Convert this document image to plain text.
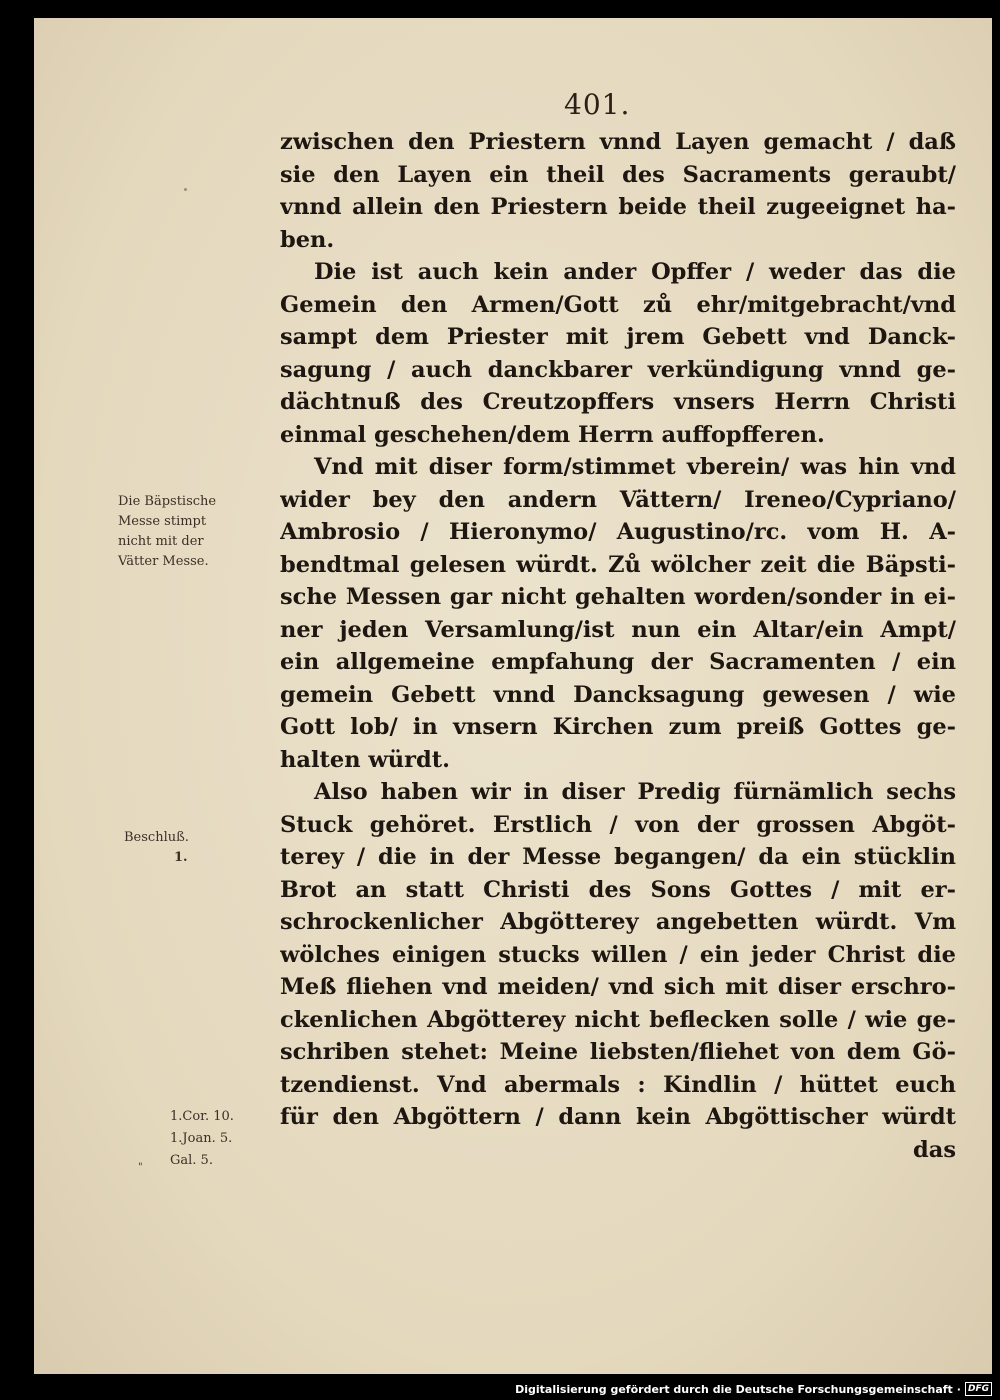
401.
Die Bäpstische
Messe stimpt
nicht mit der
Vätter Messe.
Beschluß.
1.
1.Cor. 10.
1.Joan. 5.
Gal. 5.
"
zwischen den Priestern vnnd Layen gemacht / daß
sie den Layen ein theil des Sacraments geraubt/
vnnd allein den Priestern beide theil zugeeignet ha-
ben.
Die ist auch kein ander Opffer / weder das die
Gemein den Armen/Gott zů ehr/mitgebracht/vnd
sampt dem Priester mit jrem Gebett vnd Danck-
sagung / auch danckbarer verkündigung vnnd ge-
dächtnuß des Creutzopffers vnsers Herrn Christi
einmal geschehen/dem Herrn auffopfferen.
Vnd mit diser form/stimmet vberein/ was hin vnd
wider bey den andern Vättern/ Ireneo/Cypriano/
Ambrosio / Hieronymo/ Augustino/rc. vom H. A-
bendtmal gelesen würdt. Zů wölcher zeit die Bäpsti-
sche Messen gar nicht gehalten worden/sonder in ei-
ner jeden Versamlung/ist nun ein Altar/ein Ampt/
ein allgemeine empfahung der Sacramenten / ein
gemein Gebett vnnd Dancksagung gewesen / wie
Gott lob/ in vnsern Kirchen zum preiß Gottes ge-
halten würdt.
Also haben wir in diser Predig fürnämlich sechs
Stuck gehöret. Erstlich / von der grossen Abgöt-
terey / die in der Messe begangen/ da ein stücklin
Brot an statt Christi des Sons Gottes / mit er-
schrockenlicher Abgötterey angebetten würdt. Vm
wölches einigen stucks willen / ein jeder Christ die
Meß fliehen vnd meiden/ vnd sich mit diser erschro-
ckenlichen Abgötterey nicht beflecken solle / wie ge-
schriben stehet: Meine liebsten/fliehet von dem Gö-
tzendienst. Vnd abermals : Kindlin / hüttet euch
für den Abgöttern / dann kein Abgöttischer würdt
das
Digitalisierung gefördert durch die Deutsche Forschungsgemeinschaft · DFG
